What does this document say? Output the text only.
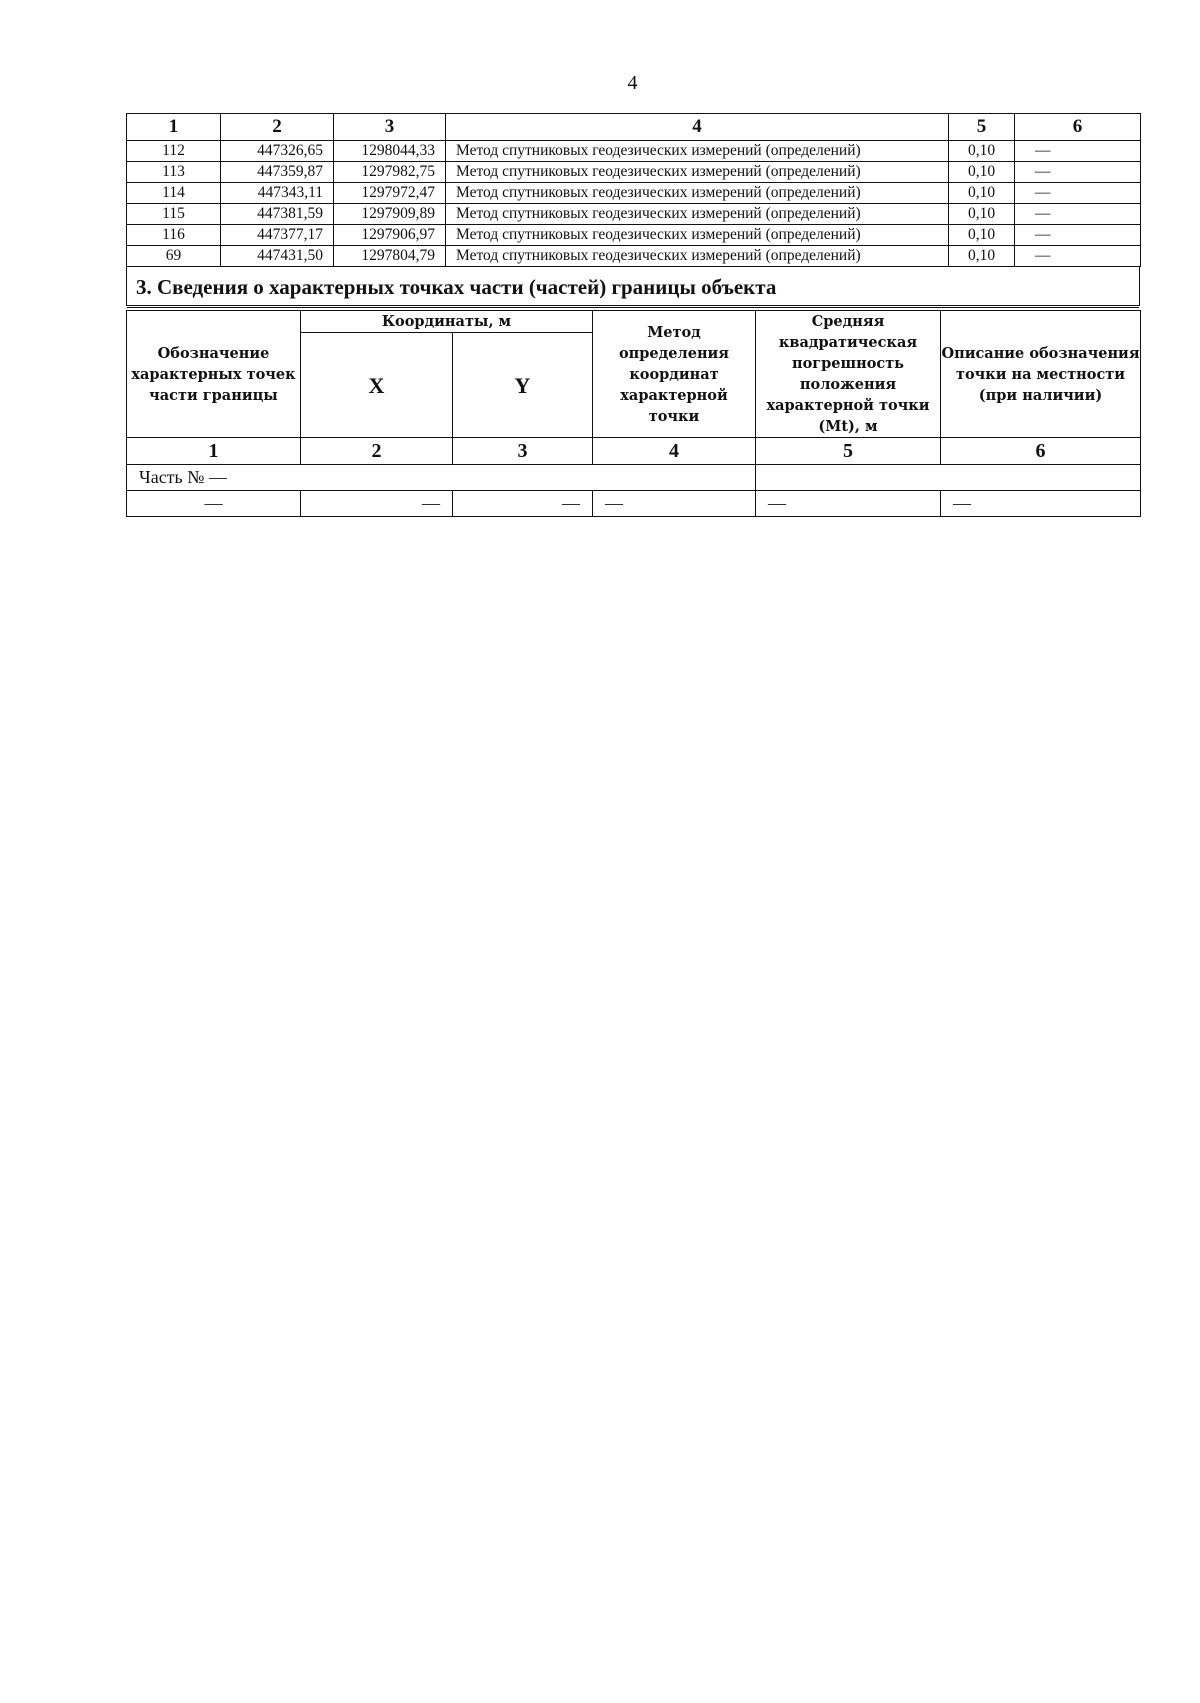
4
1	2	3	4	5	6
112	447326,65	1298044,33	Метод спутниковых геодезических измерений (определений)	0,10	—
113	447359,87	1297982,75	Метод спутниковых геодезических измерений (определений)	0,10	—
114	447343,11	1297972,47	Метод спутниковых геодезических измерений (определений)	0,10	—
115	447381,59	1297909,89	Метод спутниковых геодезических измерений (определений)	0,10	—
116	447377,17	1297906,97	Метод спутниковых геодезических измерений (определений)	0,10	—
69	447431,50	1297804,79	Метод спутниковых геодезических измерений (определений)	0,10	—
3. Сведения о характерных точках части (частей) границы объекта
Обозначение характерных точек части границы	Координаты, м		Метод определения координат характерной точки	Средняя квадратическая погрешность положения характерной точки (Mt), м	Описание обозначения точки на местности (при наличии)
	X	Y			
1	2	3	4	5	6
Часть № —					
—	—	—	—	—	—
